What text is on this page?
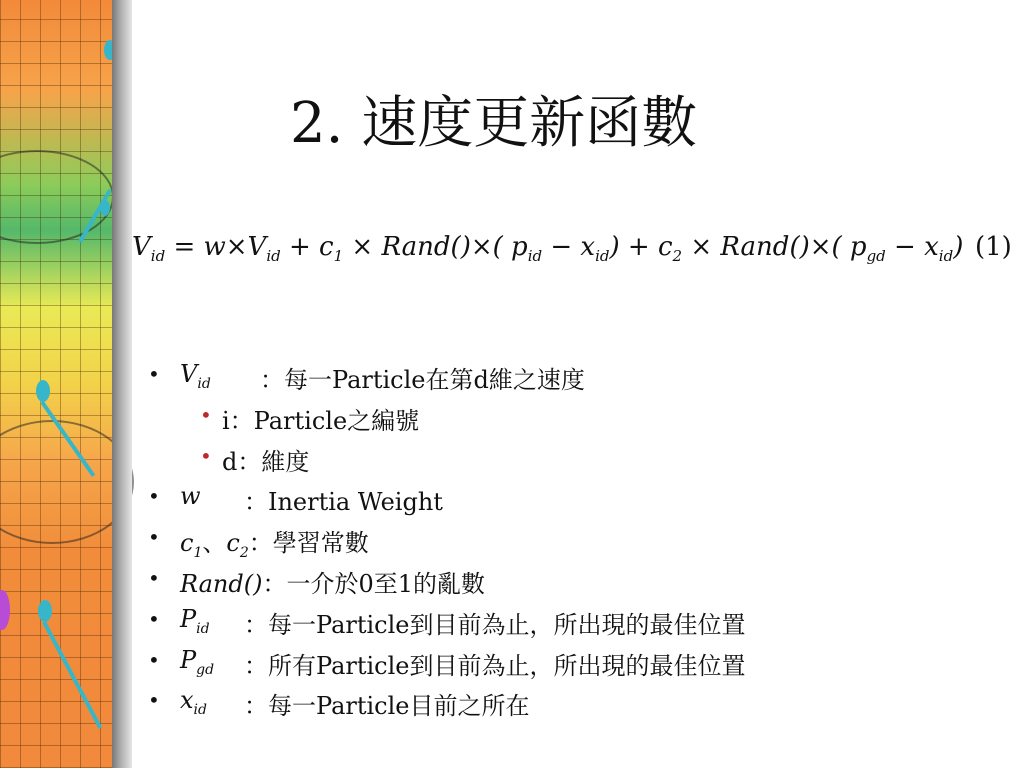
2. 速度更新函數
$V_{id} = w\times V_{id} + c_1$ × Rand()×( $p_{id} - x_{id}) + c_2$ × Rand()×( $p_{gd} - x_{id}$) (1)
• $V_{id}$ ：每一Particle在第d維之速度
• i：Particle之編號
• d：維度
• w ：Inertia Weight
• $c_1$、$c_2$：學習常數
• Rand()：一介於0至1的亂數
• $P_{id}$ ：每一Particle到目前為止，所出現的最佳位置
• $P_{gd}$ ：所有Particle到目前為止，所出現的最佳位置
• $x_{id}$ ：每一Particle目前之所在
